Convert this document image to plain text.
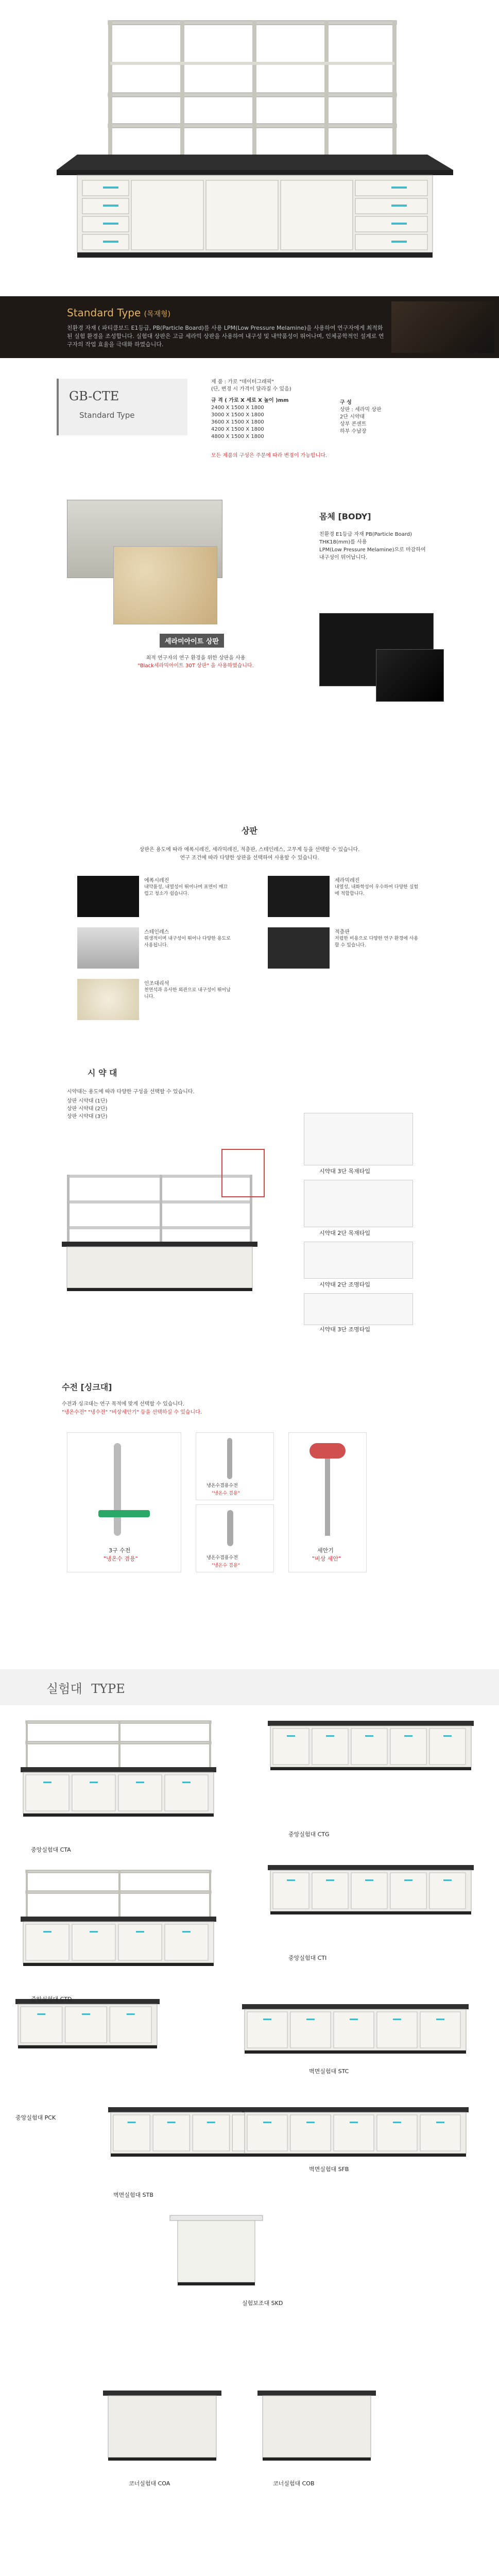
Standard Type (목재형)
친환경 자재 ( 파티클보드 E1등급, PB(Particle Board)를 사용 LPM(Low Pressure Melamine)을 사용하여 연구자에게 최적화된 실험 환경을 조성합니다. 실험대 상판은 고급 세라믹 상판을 사용하여 내구성 및 내약품성이 뛰어나며, 인체공학적인 설계로 연구자의 작업 효율을 극대화 하였습니다.
GB-CTE
Standard Type
제 품 : 가로 "데이터그래픽"
(단, 변경 시 가격이 달라질 수 있음)
규 격 ( 가로 X 세로 X 높이 )mm
2400 X 1500 X 1800
3000 X 1500 X 1800
3600 X 1500 X 1800
4200 X 1500 X 1800
4800 X 1500 X 1800
구 성
상판 : 세라믹 상판
2단 시약대
상부 콘센트
하부 수납장
모든 제품의 구성은 주문에 따라 변경이 가능합니다.
몸체 [BODY]
친환경 E1등급 자재 PB(Particle Board)
THK18(mm)를 사용
LPM(Low Pressure Melamine)으로 마감하여
내구성이 뛰어납니다.
세라미아이트 상판
최적 연구자의 연구 환경을 위한 상판을 사용
"Black세라믹아이트 30T 상판" 을 사용하였습니다.
상판
상판은 용도에 따라 에폭시레진, 세라믹레진, 적층판, 스테인레스, 고무계 등을 선택할 수 있습니다.
연구 조건에 따라 다양한 상판을 선택하여 사용할 수 있습니다.
에폭시레진
내약품성, 내열성이 뛰어나며 표면이 매끄럽고 청소가 쉽습니다.
세라믹레진
내열성, 내화학성이 우수하여 다양한 실험에 적합합니다.
스테인레스
위생적이며 내구성이 뛰어나 다양한 용도로 사용됩니다.
적층판
저렴한 비용으로 다양한 연구 환경에 사용할 수 있습니다.
인조대리석
천연석과 유사한 외관으로 내구성이 뛰어납니다.
시 약 대
시약대는 용도에 따라 다양한 구성을 선택할 수 있습니다.
상판 시약대 (1단)
상판 시약대 (2단)
상판 시약대 (3단)
시약대 3단 목재타입
시약대 2단 목재타입
시약대 2단 조명타입
시약대 3단 조명타입
수전 [싱크대]
수전과 싱크대는 연구 목적에 맞게 선택할 수 있습니다.
"냉온수전" "냉수전" "비상세안기" 등을 선택하실 수 있습니다.
3구 수전
"냉온수 겸용"
냉온수겸용수전
"냉온수 겸용"
세안기
"비상 세안"
냉온수겸용수전
"냉온수 겸용"
실험대 TYPE
중앙실험대 CTA
중앙실험대 CTG
중앙실험대 CTD
중앙실험대 CTI
중앙실험대 PCK
벽면실험대 STC
벽면실험대 STB
벽면실험대 SFB
실험보조대 SKD
코너실험대 COA	코너실험대 COB
